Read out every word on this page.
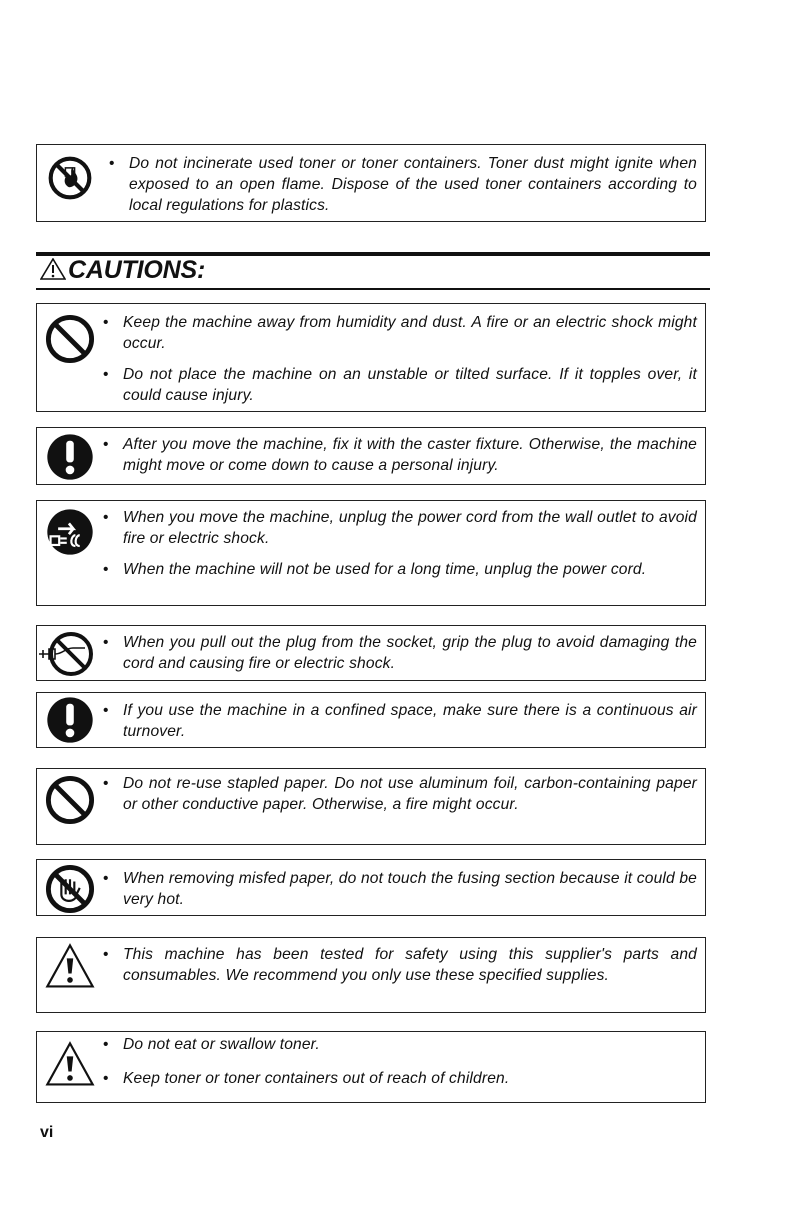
• Do not incinerate used toner or toner containers. Toner dust might ignite when exposed to an open flame. Dispose of the used toner containers according to local regulations for plastics.
CAUTIONS:
• Keep the machine away from humidity and dust. A fire or an electric shock might occur.
• Do not place the machine on an unstable or tilted surface. If it topples over, it could cause injury.
• After you move the machine, fix it with the caster fixture. Otherwise, the machine might move or come down to cause a personal injury.
• When you move the machine, unplug the power cord from the wall outlet to avoid fire or electric shock.
• When the machine will not be used for a long time, unplug the power cord.
• When you pull out the plug from the socket, grip the plug to avoid damaging the cord and causing fire or electric shock.
• If you use the machine in a confined space, make sure there is a continuous air turnover.
• Do not re-use stapled paper. Do not use aluminum foil, carbon-containing paper or other conductive paper. Otherwise, a fire might occur.
• When removing misfed paper, do not touch the fusing section because it could be very hot.
• This machine has been tested for safety using this supplier's parts and consumables. We recommend you only use these specified supplies.
• Do not eat or swallow toner.
• Keep toner or toner containers out of reach of children.
vi
